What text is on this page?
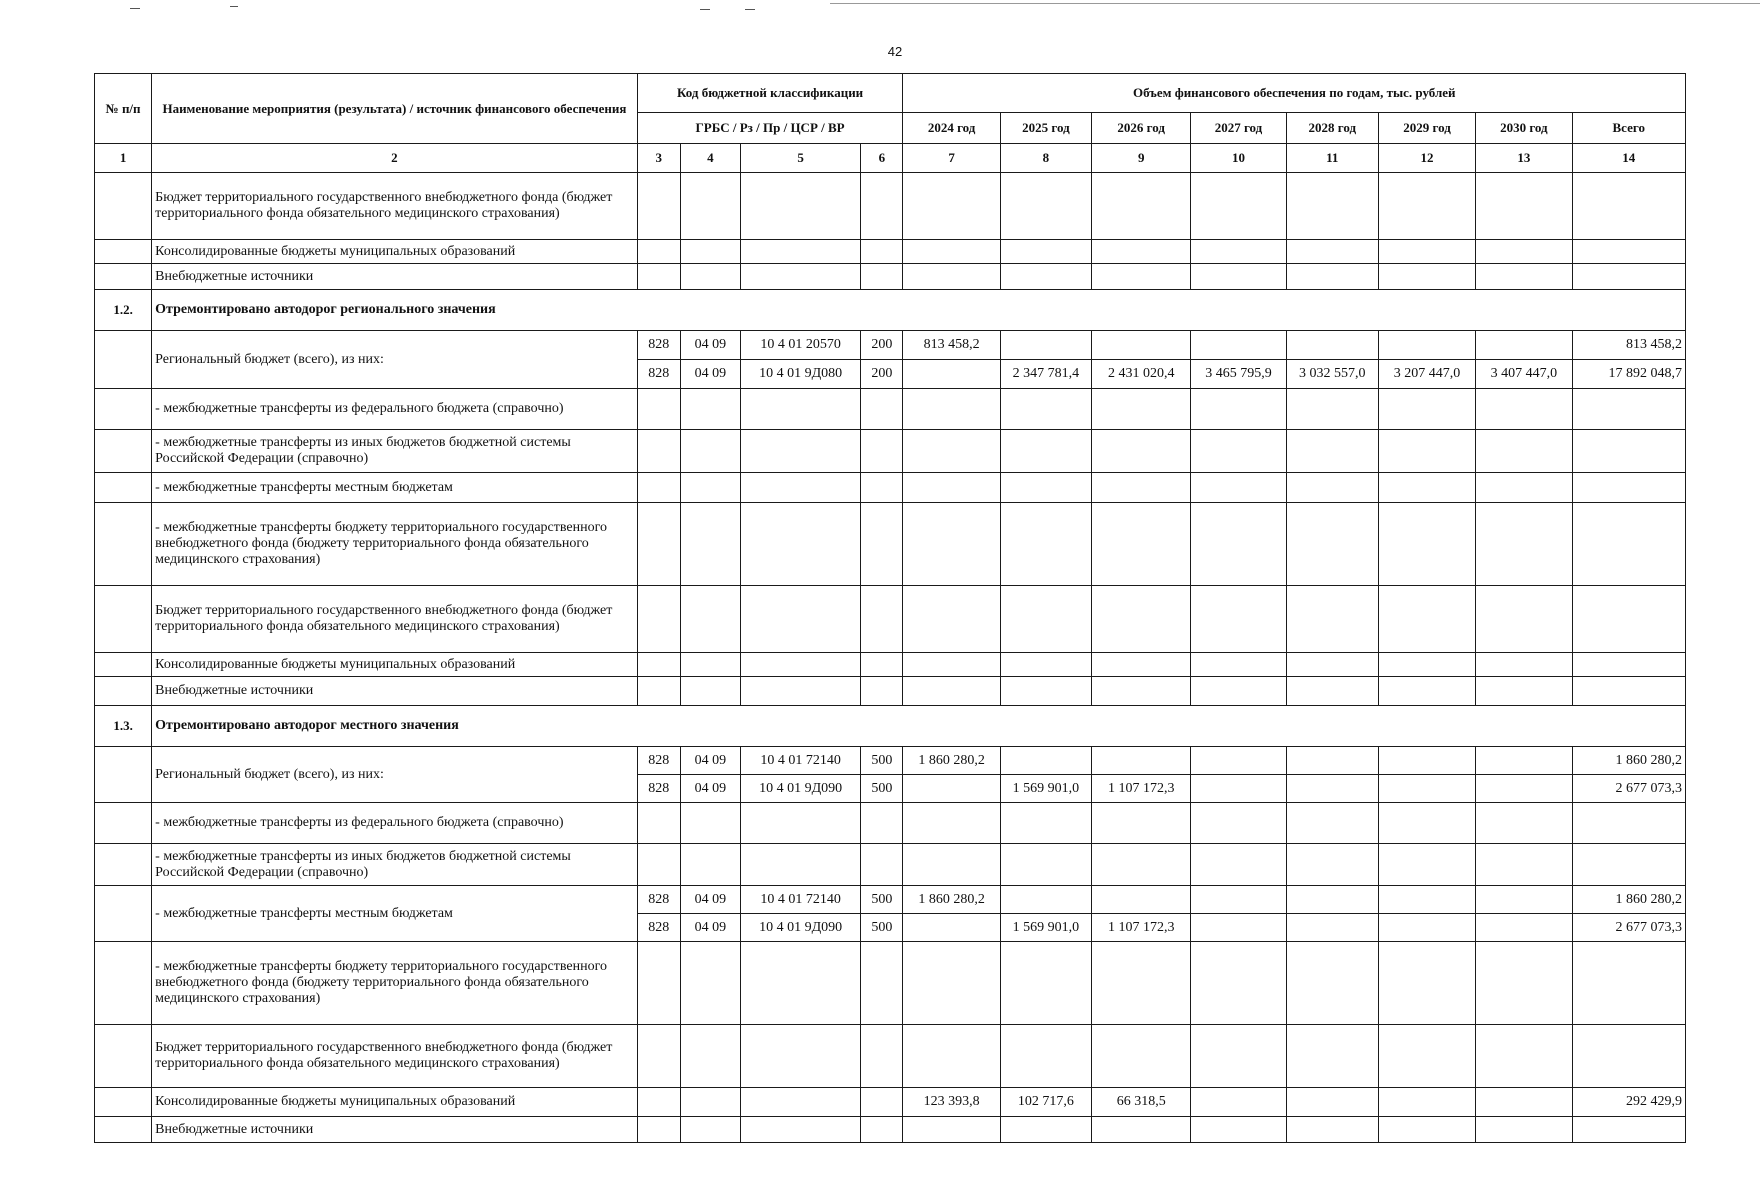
42
№ п/п	Наименование мероприятия (результата) / источник финансового обеспечения	Код бюджетной классификации				Объем финансового обеспечения по годам, тыс. рублей							
		ГРБС / Рз / Пр / ЦСР / ВР				2024 год	2025 год	2026 год	2027 год	2028 год	2029 год	2030 год	Всего
1	2	3	4	5	6	7	8	9	10	11	12	13	14
	Бюджет территориального государственного внебюджетного фонда (бюджет территориального фонда обязательного медицинского страхования)												
	Консолидированные бюджеты муниципальных образований												
	Внебюджетные источники												
1.2.	Отремонтировано автодорог регионального значения												
	Региональный бюджет (всего), из них:	828	04 09	10 4 01 20570	200	813 458,2							813 458,2
		828	04 09	10 4 01 9Д080	200		2 347 781,4	2 431 020,4	3 465 795,9	3 032 557,0	3 207 447,0	3 407 447,0	17 892 048,7
	- межбюджетные трансферты из федерального бюджета (справочно)												
	- межбюджетные трансферты из иных бюджетов бюджетной системы Российской Федерации (справочно)												
	- межбюджетные трансферты местным бюджетам												
	- межбюджетные трансферты бюджету территориального государственного внебюджетного фонда (бюджету территориального фонда обязательного медицинского страхования)												
	Бюджет территориального государственного внебюджетного фонда (бюджет территориального фонда обязательного медицинского страхования)												
	Консолидированные бюджеты муниципальных образований												
	Внебюджетные источники												
1.3.	Отремонтировано автодорог местного значения												
	Региональный бюджет (всего), из них:	828	04 09	10 4 01 72140	500	1 860 280,2							1 860 280,2
		828	04 09	10 4 01 9Д090	500		1 569 901,0	1 107 172,3					2 677 073,3
	- межбюджетные трансферты из федерального бюджета (справочно)												
	- межбюджетные трансферты из иных бюджетов бюджетной системы Российской Федерации (справочно)												
	- межбюджетные трансферты местным бюджетам	828	04 09	10 4 01 72140	500	1 860 280,2							1 860 280,2
		828	04 09	10 4 01 9Д090	500		1 569 901,0	1 107 172,3					2 677 073,3
	- межбюджетные трансферты бюджету территориального государственного внебюджетного фонда (бюджету территориального фонда обязательного медицинского страхования)												
	Бюджет территориального государственного внебюджетного фонда (бюджет территориального фонда обязательного медицинского страхования)												
	Консолидированные бюджеты муниципальных образований					123 393,8	102 717,6	66 318,5					292 429,9
	Внебюджетные источники												
